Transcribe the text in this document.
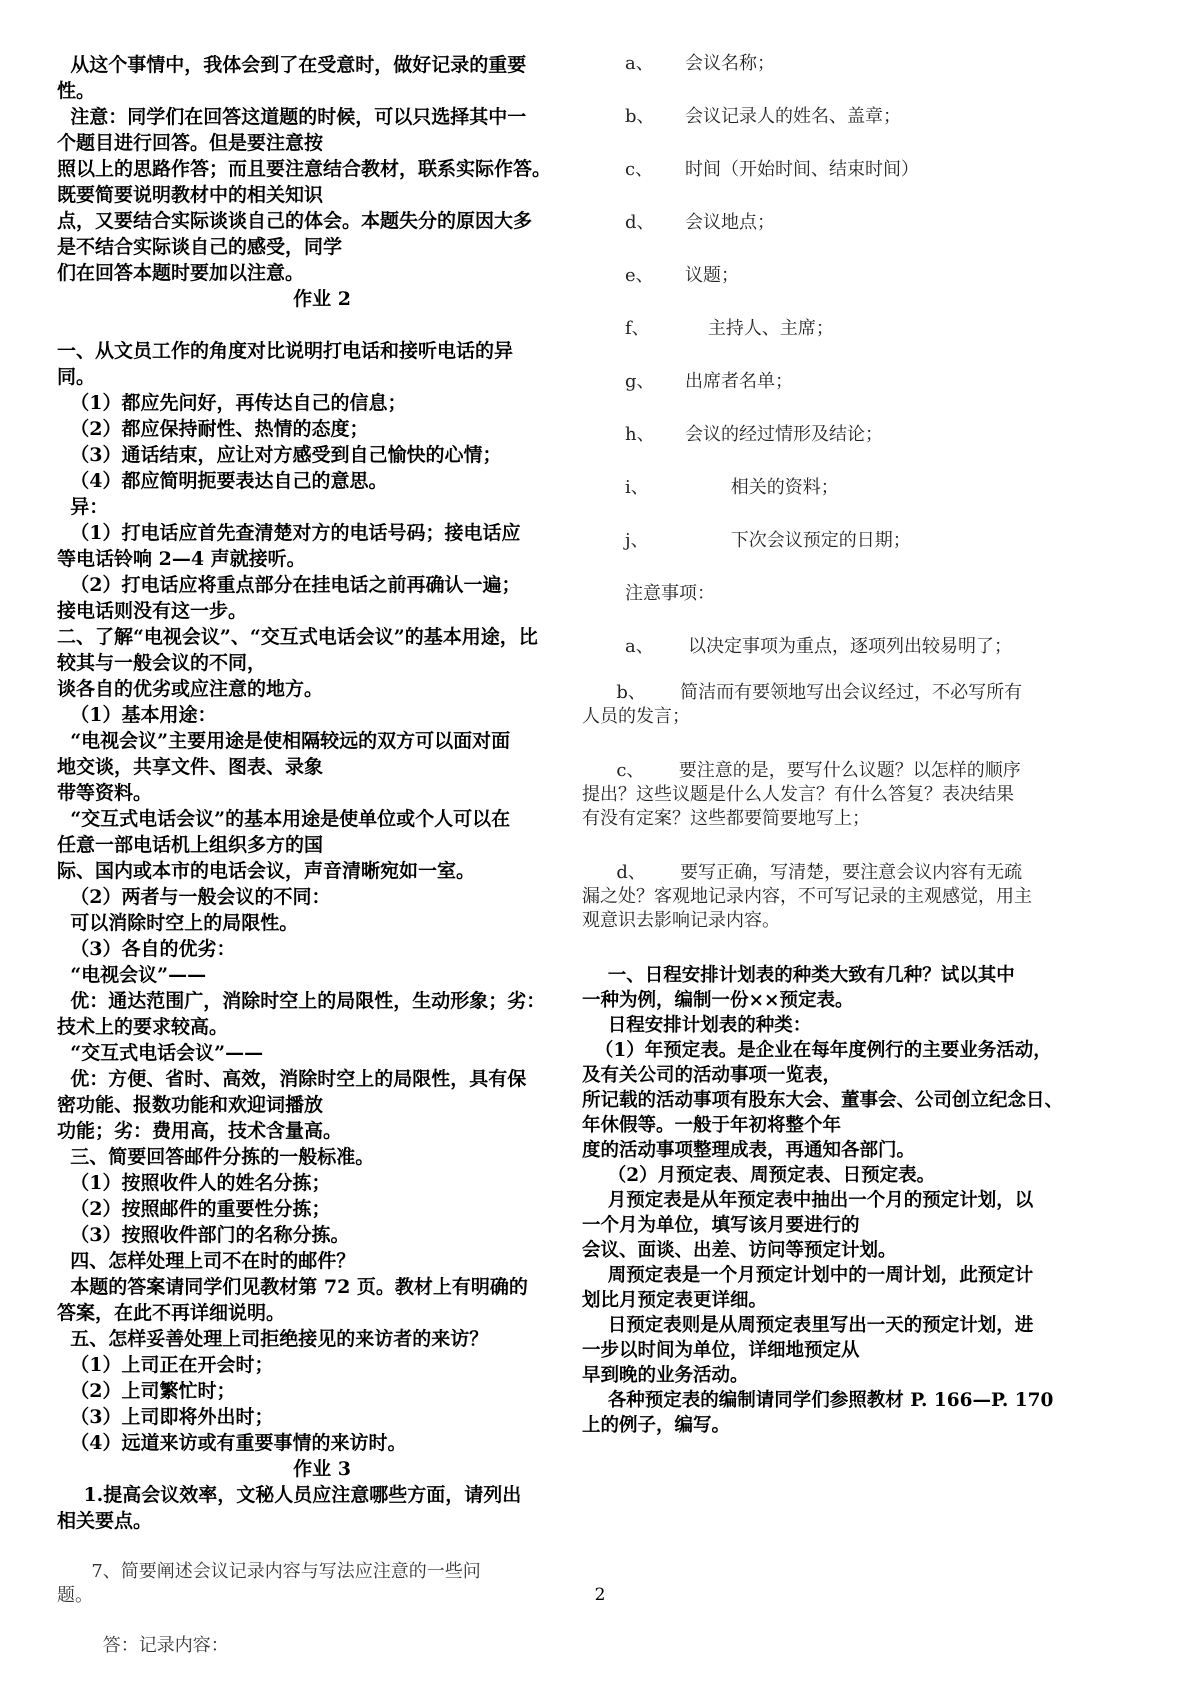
从这个事情中，我体会到了在受意时，做好记录的重要
性。
注意：同学们在回答这道题的时候，可以只选择其中一
个题目进行回答。但是要注意按
照以上的思路作答；而且要注意结合教材，联系实际作答。
既要简要说明教材中的相关知识
点，又要结合实际谈谈自己的体会。本题失分的原因大多
是不结合实际谈自己的感受，同学
们在回答本题时要加以注意。
作业 2
一、从文员工作的角度对比说明打电话和接听电话的异
同。
（1）都应先问好，再传达自己的信息；
（2）都应保持耐性、热情的态度；
（3）通话结束，应让对方感受到自己愉快的心情；
（4）都应简明扼要表达自己的意思。
异：
（1）打电话应首先查清楚对方的电话号码；接电话应
等电话铃响 2—4 声就接听。
（2）打电话应将重点部分在挂电话之前再确认一遍；
接电话则没有这一步。
二、了解“电视会议”、“交互式电话会议”的基本用途，比
较其与一般会议的不同，
谈各自的优劣或应注意的地方。
（1）基本用途：
“电视会议”主要用途是使相隔较远的双方可以面对面
地交谈，共享文件、图表、录象
带等资料。
“交互式电话会议”的基本用途是使单位或个人可以在
任意一部电话机上组织多方的国
际、国内或本市的电话会议，声音清晰宛如一室。
（2）两者与一般会议的不同：
可以消除时空上的局限性。
（3）各自的优劣：
“电视会议”——
优：通达范围广，消除时空上的局限性，生动形象；劣：
技术上的要求较高。
“交互式电话会议”——
优：方便、省时、高效，消除时空上的局限性，具有保
密功能、报数功能和欢迎词播放
功能；劣：费用高，技术含量高。
三、简要回答邮件分拣的一般标准。
（1）按照收件人的姓名分拣；
（2）按照邮件的重要性分拣；
（3）按照收件部门的名称分拣。
四、怎样处理上司不在时的邮件？
本题的答案请同学们见教材第 72 页。教材上有明确的
答案，在此不再详细说明。
五、怎样妥善处理上司拒绝接见的来访者的来访？
（1）上司正在开会时；
（2）上司繁忙时；
（3）上司即将外出时；
（4）远道来访或有重要事情的来访时。
作业 3
1.提高会议效率，文秘人员应注意哪些方面，请列出
相关要点。
7、简要阐述会议记录内容与写法应注意的一些问
题。
答：记录内容：
a、 会议名称；
b、 会议记录人的姓名、盖章；
c、 时间（开始时间、结束时间）
d、 会议地点；
e、 议题；
f、    主持人、主席；
g、 出席者名单；
h、 会议的经过情形及结论；
i、        相关的资料；
j、        下次会议预定的日期；
注意事项：
a、      以决定事项为重点，逐项列出较易明了；
b、      简洁而有要领地写出会议经过，不必写所有
人员的发言；
c、      要注意的是，要写什么议题？以怎样的顺序
提出？这些议题是什么人发言？有什么答复？表决结果
有没有定案？这些都要简要地写上；
d、      要写正确，写清楚，要注意会议内容有无疏
漏之处？客观地记录内容，不可写记录的主观感觉，用主
观意识去影响记录内容。
一、日程安排计划表的种类大致有几种？试以其中
一种为例，编制一份××预定表。
日程安排计划表的种类：
（1）年预定表。是企业在每年度例行的主要业务活动，
及有关公司的活动事项一览表，
所记载的活动事项有股东大会、董事会、公司创立纪念日、
年休假等。一般于年初将整个年
度的活动事项整理成表，再通知各部门。
（2）月预定表、周预定表、日预定表。
月预定表是从年预定表中抽出一个月的预定计划，以
一个月为单位，填写该月要进行的
会议、面谈、出差、访问等预定计划。
周预定表是一个月预定计划中的一周计划，此预定计
划比月预定表更详细。
日预定表则是从周预定表里写出一天的预定计划，进
一步以时间为单位，详细地预定从
早到晚的业务活动。
各种预定表的编制请同学们参照教材 P. 166—P. 170
上的例子，编写。
2
